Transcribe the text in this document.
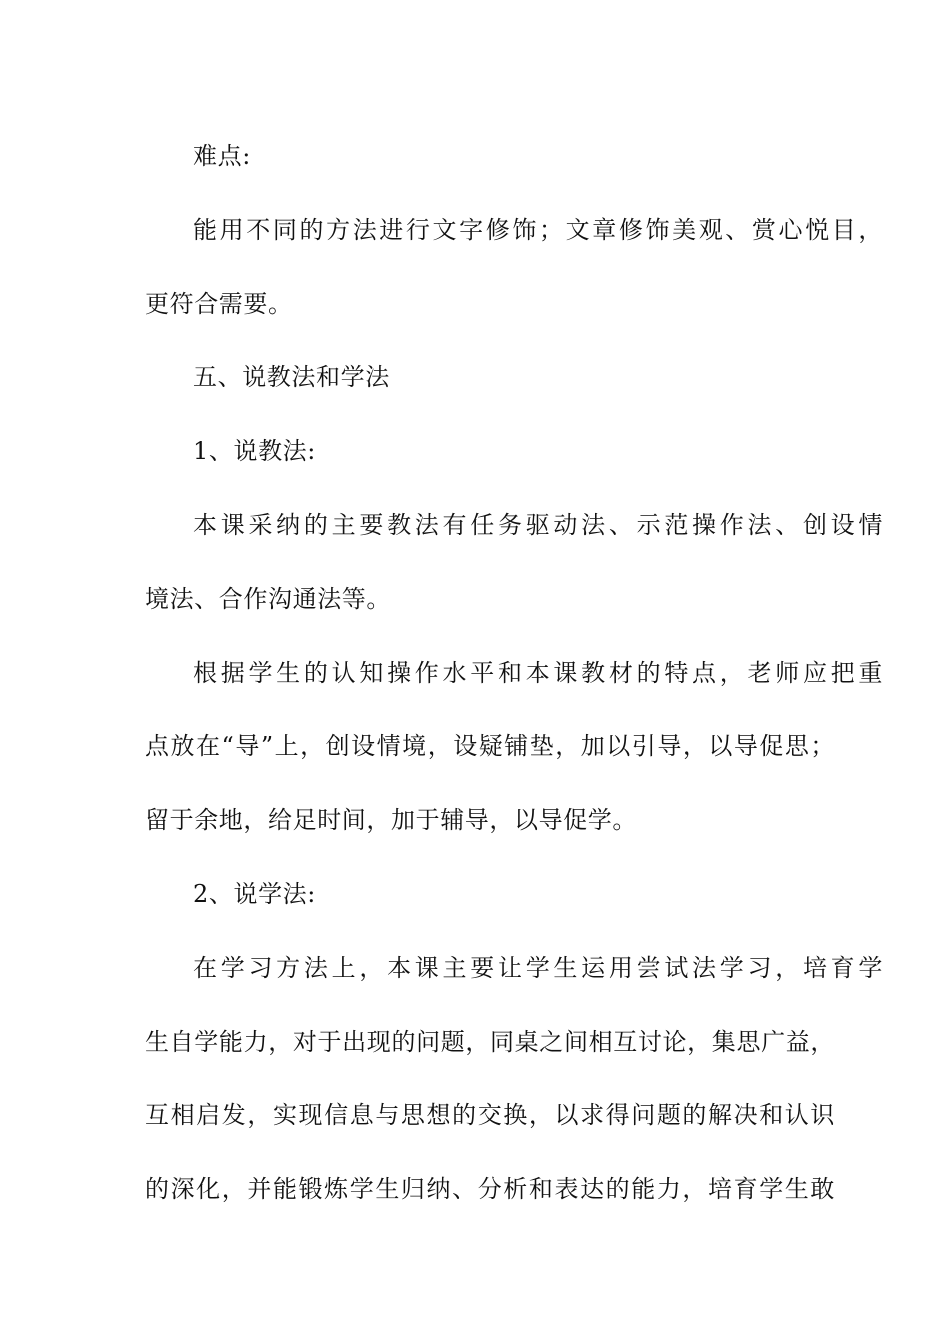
难点:
能用不同的方法进行文字修饰；文章修饰美观、赏心悦目，
更符合需要。
五、说教法和学法
1、说教法:
本课采纳的主要教法有任务驱动法、示范操作法、创设情
境法、合作沟通法等。
根据学生的认知操作水平和本课教材的特点，老师应把重
点放在“导”上，创设情境，设疑铺垫，加以引导，以导促思；
留于余地，给足时间，加于辅导，以导促学。
2、说学法:
在学习方法上，本课主要让学生运用尝试法学习，培育学
生自学能力，对于出现的问题，同桌之间相互讨论，集思广益，
互相启发，实现信息与思想的交换，以求得问题的解决和认识
的深化，并能锻炼学生归纳、分析和表达的能力，培育学生敢
